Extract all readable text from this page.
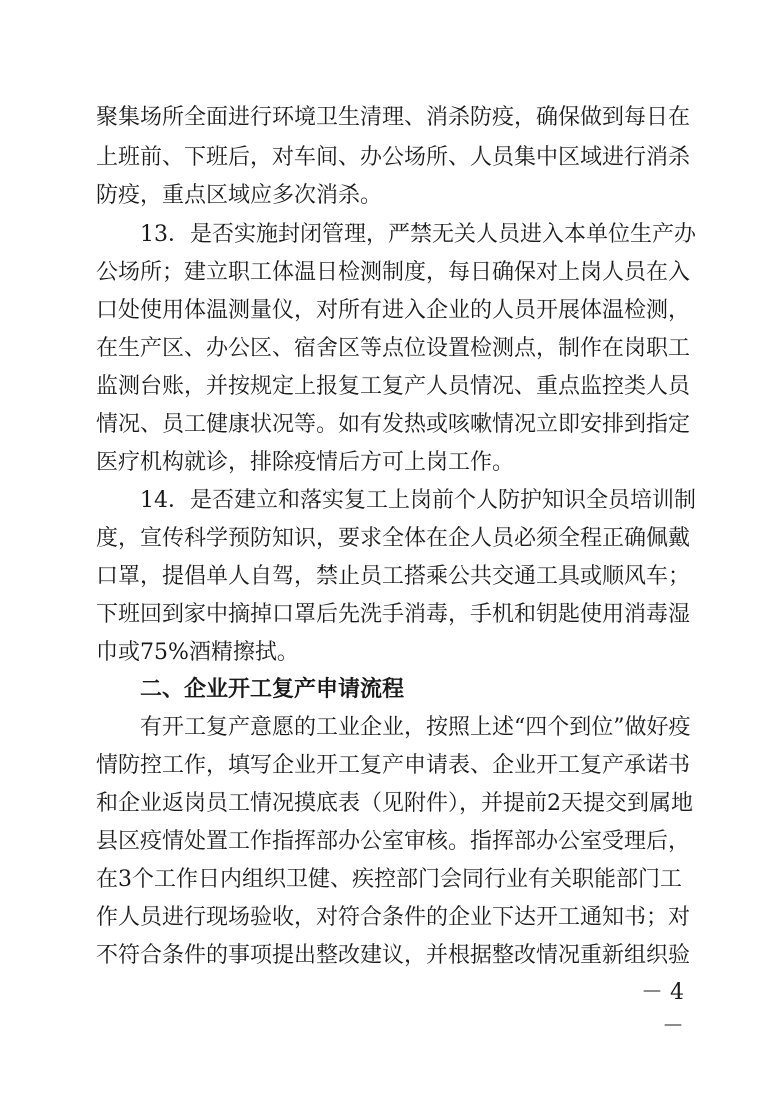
聚集场所全面进行环境卫生清理、消杀防疫，确保做到每日在
上班前、下班后，对车间、办公场所、人员集中区域进行消杀
防疫，重点区域应多次消杀。
13．是否实施封闭管理，严禁无关人员进入本单位生产办
公场所；建立职工体温日检测制度，每日确保对上岗人员在入
口处使用体温测量仪，对所有进入企业的人员开展体温检测，
在生产区、办公区、宿舍区等点位设置检测点，制作在岗职工
监测台账，并按规定上报复工复产人员情况、重点监控类人员
情况、员工健康状况等。如有发热或咳嗽情况立即安排到指定
医疗机构就诊，排除疫情后方可上岗工作。
14．是否建立和落实复工上岗前个人防护知识全员培训制
度，宣传科学预防知识，要求全体在企人员必须全程正确佩戴
口罩，提倡单人自驾，禁止员工搭乘公共交通工具或顺风车；
下班回到家中摘掉口罩后先洗手消毒，手机和钥匙使用消毒湿
巾或75%酒精擦拭。
二、企业开工复产申请流程
有开工复产意愿的工业企业，按照上述“四个到位”做好疫
情防控工作，填写企业开工复产申请表、企业开工复产承诺书
和企业返岗员工情况摸底表（见附件），并提前2天提交到属地
县区疫情处置工作指挥部办公室审核。指挥部办公室受理后，
在3个工作日内组织卫健、疾控部门会同行业有关职能部门工
作人员进行现场验收，对符合条件的企业下达开工通知书；对
不符合条件的事项提出整改建议，并根据整改情况重新组织验
－ 4 －
